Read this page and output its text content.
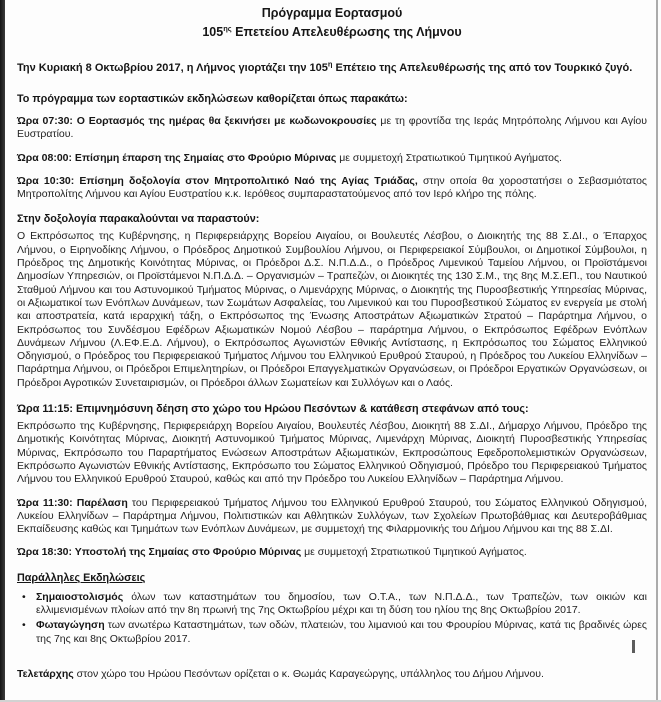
Πρόγραμμα Εορτασμού
$105^{\eta\varsigma}$ Επετείου Απελευθέρωσης της Λήμνου

Την Κυριακή 8 Οκτωβρίου 2017, η Λήμνος γιορτάζει την $105^\eta$ Επέτειο της Απελευθέρωσής της από τον Τουρκικό ζυγό.

Το πρόγραμμα των εορταστικών εκδηλώσεων καθορίζεται όπως παρακάτω:

Ώρα 07:30: Ο Εορτασμός της ημέρας θα ξεκινήσει με κωδωνοκρουσίες με τη φροντίδα της Ιεράς Μητρόπολης Λήμνου και Αγίου Ευστρατίου.

Ώρα 08:00: Επίσημη έπαρση της Σημαίας στο Φρούριο Μύρινας με συμμετοχή Στρατιωτικού Τιμητικού Αγήματος.

Ώρα 10:30: Επίσημη δοξολογία στον Μητροπολιτικό Ναό της Αγίας Τριάδας, στην οποία θα χοροστατήσει ο Σεβασμιότατος Μητροπολίτης Λήμνου και Αγίου Ευστρατίου κ.κ. Ιερόθεος συμπαραστατούμενος από τον Ιερό κλήρο της πόλης.

Στην δοξολογία παρακαλούνται να παραστούν:

Ο Εκπρόσωπος της Κυβέρνησης, η Περιφερειάρχης Βορείου Αιγαίου, οι Βουλευτές Λέσβου, ο Διοικητής της 88 Σ.ΔΙ., ο Έπαρχος Λήμνου, ο Ειρηνοδίκης Λήμνου, ο Πρόεδρος Δημοτικού Συμβουλίου Λήμνου, οι Περιφερειακοί Σύμβουλοι, οι Δημοτικοί Σύμβουλοι, η Πρόεδρος της Δημοτικής Κοινότητας Μύρινας, οι Πρόεδροι Δ.Σ. Ν.Π.Δ.Δ., ο Πρόεδρος Λιμενικού Ταμείου Λήμνου, οι Προϊστάμενοι Δημοσίων Υπηρεσιών, οι Προϊστάμενοι Ν.Π.Δ.Δ. – Οργανισμών – Τραπεζών, οι Διοικητές της 130 Σ.Μ., της 8ης Μ.Σ.ΕΠ., του Ναυτικού Σταθμού Λήμνου και του Αστυνομικού Τμήματος Μύρινας, ο Λιμενάρχης Μύρινας, ο Διοικητής της Πυροσβεστικής Υπηρεσίας Μύρινας, οι Αξιωματικοί των Ενόπλων Δυνάμεων, των Σωμάτων Ασφαλείας, του Λιμενικού και του Πυροσβεστικού Σώματος εν ενεργεία με στολή και αποστρατεία, κατά ιεραρχική τάξη, ο Εκπρόσωπος της Ένωσης Αποστράτων Αξιωματικών Στρατού – Παράρτημα Λήμνου, ο Εκπρόσωπος του Συνδέσμου Εφέδρων Αξιωματικών Νομού Λέσβου – παράρτημα Λήμνου, ο Εκπρόσωπος Εφέδρων Ενόπλων Δυνάμεων Λήμνου (Λ.ΕΦ.Ε.Δ. Λήμνου), ο Εκπρόσωπος Αγωνιστών Εθνικής Αντίστασης, η Εκπρόσωπος του Σώματος Ελληνικού Οδηγισμού, ο Πρόεδρος του Περιφερειακού Τμήματος Λήμνου του Ελληνικού Ερυθρού Σταυρού, η Πρόεδρος του Λυκείου Ελληνίδων – Παράρτημα Λήμνου, οι Πρόεδροι Επιμελητηρίων, οι Πρόεδροι Επαγγελματικών Οργανώσεων, οι Πρόεδροι Εργατικών Οργανώσεων, οι Πρόεδροι Αγροτικών Συνεταιρισμών, οι Πρόεδροι άλλων Σωματείων και Συλλόγων και ο Λαός.

Ώρα 11:15: Επιμνημόσυνη δέηση στο χώρο του Ηρώου Πεσόντων & κατάθεση στεφάνων από τους:

Εκπρόσωπο της Κυβέρνησης, Περιφερειάρχη Βορείου Αιγαίου, Βουλευτές Λέσβου, Διοικητή 88 Σ.ΔΙ., Δήμαρχο Λήμνου, Πρόεδρο της Δημοτικής Κοινότητας Μύρινας, Διοικητή Αστυνομικού Τμήματος Μύρινας, Λιμενάρχη Μύρινας, Διοικητή Πυροσβεστικής Υπηρεσίας Μύρινας, Εκπρόσωπο του Παραρτήματος Ενώσεων Αποστράτων Αξιωματικών, Εκπροσώπους Εφεδροπολεμιστικών Οργανώσεων, Εκπρόσωπο Αγωνιστών Εθνικής Αντίστασης, Εκπρόσωπο του Σώματος Ελληνικού Οδηγισμού, Πρόεδρο του Περιφερειακού Τμήματος Λήμνου του Ελληνικού Ερυθρού Σταυρού, καθώς και από την Πρόεδρο του Λυκείου Ελληνίδων – Παράρτημα Λήμνου.

Ώρα 11:30: Παρέλαση του Περιφερειακού Τμήματος Λήμνου του Ελληνικού Ερυθρού Σταυρού, του Σώματος Ελληνικού Οδηγισμού, Λυκείου Ελληνίδων – Παράρτημα Λήμνου, Πολιτιστικών και Αθλητικών Συλλόγων, των Σχολείων Πρωτοβάθμιας και Δευτεροβάθμιας Εκπαίδευσης καθώς και Τμημάτων των Ενόπλων Δυνάμεων, με συμμετοχή της Φιλαρμονικής του Δήμου Λήμνου και της 88 Σ.ΔΙ.

Ώρα 18:30: Υποστολή της Σημαίας στο Φρούριο Μύρινας με συμμετοχή Στρατιωτικού Τιμητικού Αγήματος.

Παράλληλες Εκδηλώσεις

• Σημαιοστολισμός όλων των καταστημάτων του δημοσίου, των Ο.Τ.Α., των Ν.Π.Δ.Δ., των Τραπεζών, των οικιών και ελλιμενισμένων πλοίων από την 8η πρωινή της 7ης Οκτωβρίου μέχρι και τη δύση του ηλίου της 8ης Οκτωβρίου 2017.

• Φωταγώγηση των ανωτέρω Καταστημάτων, των οδών, πλατειών, του λιμανιού και του Φρουρίου Μύρινας, κατά τις βραδινές ώρες της 7ης και 8ης Οκτωβρίου 2017.

Τελετάρχης στον χώρο του Ηρώου Πεσόντων ορίζεται ο κ. Θωμάς Καραγεώργης, υπάλληλος του Δήμου Λήμνου.
